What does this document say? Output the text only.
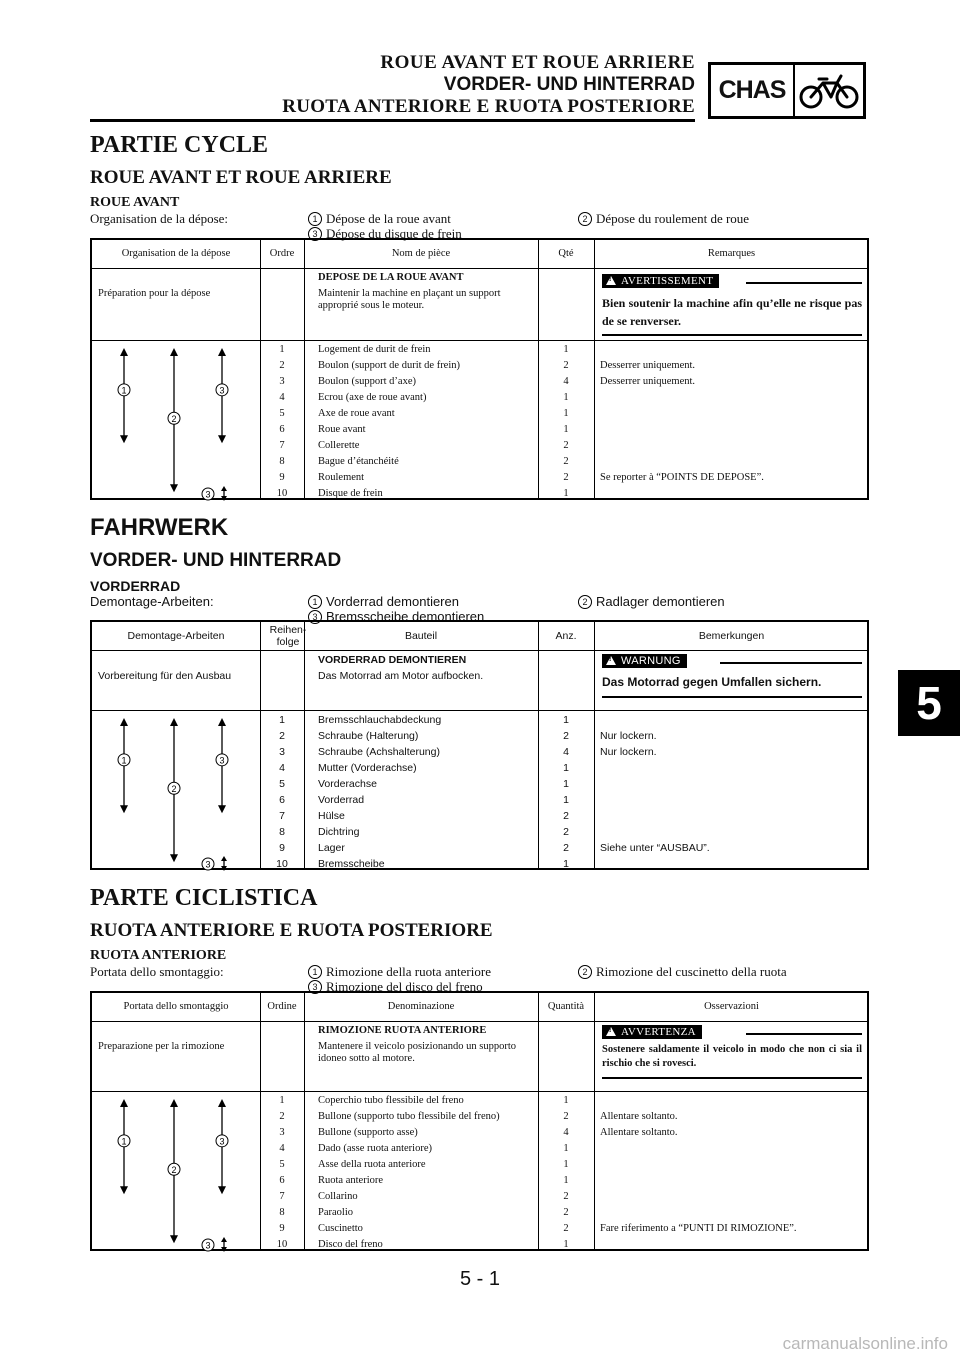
ROUE AVANT ET ROUE ARRIERE
VORDER- UND HINTERRAD
RUOTA ANTERIORE E RUOTA POSTERIORE
CHAS
PARTIE CYCLE
ROUE AVANT ET ROUE ARRIERE
ROUE AVANT
Organisation de la dépose:	1 Dépose de la roue avant	2 Dépose du roulement de roue
3 Dépose du disque de frein
Organisation de la dépose	Ordre	Nom de pièce	Qté	Remarques
Préparation pour la dépose
DEPOSE DE LA ROUE AVANT
Maintenir la machine en plaçant un support approprié sous le moteur.
!AVERTISSEMENT
Bien soutenir la machine afin qu’elle ne risque pas de se renverser.
1	Logement de durit de frein	1
2	Boulon (support de durit de frein)	2	Desserrer uniquement.
3	Boulon (support d’axe)	4	Desserrer uniquement.
4	Ecrou (axe de roue avant)	1
5	Axe de roue avant	1
6	Roue avant	1
7	Collerette	2
8	Bague d’étanchéité	2
9	Roulement	2	Se reporter à “POINTS DE DEPOSE”.
10	Disque de frein	1
1	3
2
3
FAHRWERK
VORDER- UND HINTERRAD
VORDERRAD
Demontage-Arbeiten:	1 Vorderrad demontieren	2 Radlager demontieren
3 Bremsscheibe demontieren
Demontage-Arbeiten	Reihen-folge	Bauteil	Anz.	Bemerkungen
Vorbereitung für den Ausbau
VORDERRAD DEMONTIEREN
Das Motorrad am Motor aufbocken.
!WARNUNG
Das Motorrad gegen Umfallen sichern.
1	Bremsschlauchabdeckung	1
2	Schraube (Halterung)	2	Nur lockern.
3	Schraube (Achshalterung)	4	Nur lockern.
4	Mutter (Vorderachse)	1
5	Vorderachse	1
6	Vorderrad	1
7	Hülse	2
8	Dichtring	2
9	Lager	2	Siehe unter “AUSBAU”.
10	Bremsscheibe	1
1	3
2
3
PARTE CICLISTICA
RUOTA ANTERIORE E RUOTA POSTERIORE
RUOTA ANTERIORE
Portata dello smontaggio:	1 Rimozione della ruota anteriore	2 Rimozione del cuscinetto della ruota
3 Rimozione del disco del freno
Portata dello smontaggio	Ordine	Denominazione	Quantità	Osservazioni
Preparazione per la rimozione
RIMOZIONE RUOTA ANTERIORE
Mantenere il veicolo posizionando un supporto idoneo sotto al motore.
!AVVERTENZA
Sostenere saldamente il veicolo in modo che non ci sia il rischio che si rovesci.
1	Coperchio tubo flessibile del freno	1
2	Bullone (supporto tubo flessibile del freno)	2	Allentare soltanto.
3	Bullone (supporto asse)	4	Allentare soltanto.
4	Dado (asse ruota anteriore)	1
5	Asse della ruota anteriore	1
6	Ruota anteriore	1
7	Collarino	2
8	Paraolio	2
9	Cuscinetto	2	Fare riferimento a “PUNTI DI RIMOZIONE”.
10	Disco del freno	1
1	3
2
3
5
5 - 1
carmanualsonline.info
